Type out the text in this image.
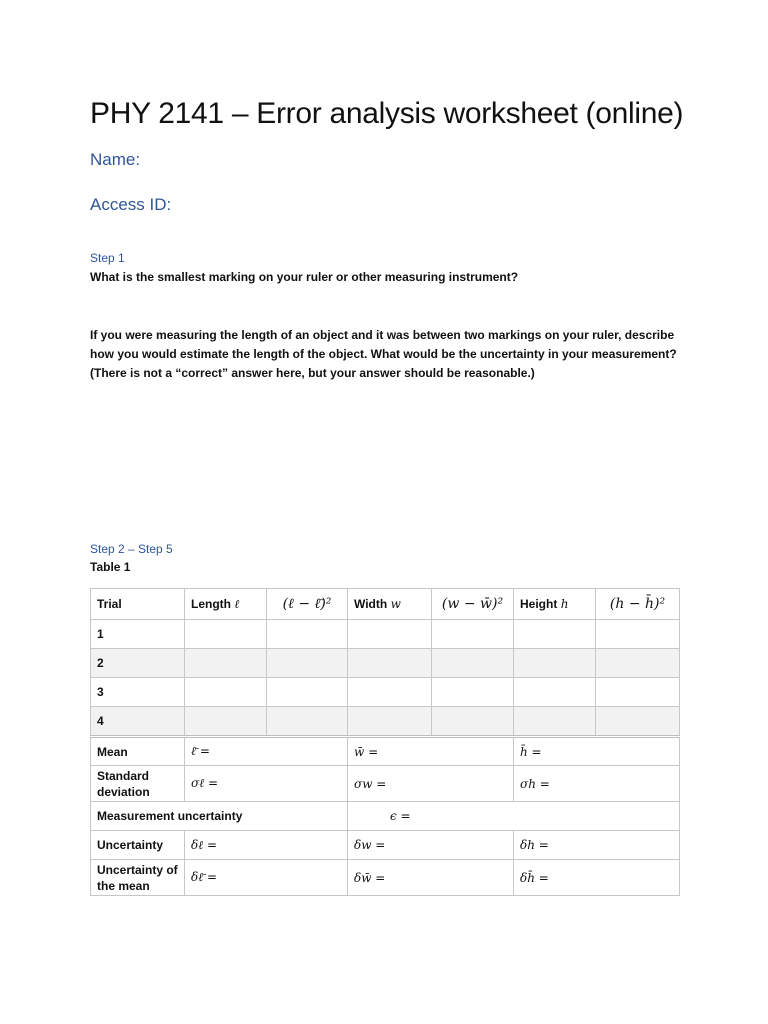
PHY 2141 – Error analysis worksheet (online)
Name:
Access ID:
Step 1
What is the smallest marking on your ruler or other measuring instrument?
If you were measuring the length of an object and it was between two markings on your ruler, describe how you would estimate the length of the object. What would be the uncertainty in your measurement? (There is not a “correct” answer here, but your answer should be reasonable.)
Step 2 – Step 5
Table 1
Trial	Length ℓ	(ℓ − ℓ̄)²	Width w	(w − w̄)²	Height h	(h − h̄)²
1						
2						
3						
4						
Mean	ℓ̄ =		w̄ =		h̄ =	
Standard deviation	σℓ =		σw =		σh =	
Measurement uncertainty			ϵ =			
Uncertainty	δℓ =		δw =		δh =	
Uncertainty of the mean	δℓ̄ =		δw̄ =		δh̄ =	
